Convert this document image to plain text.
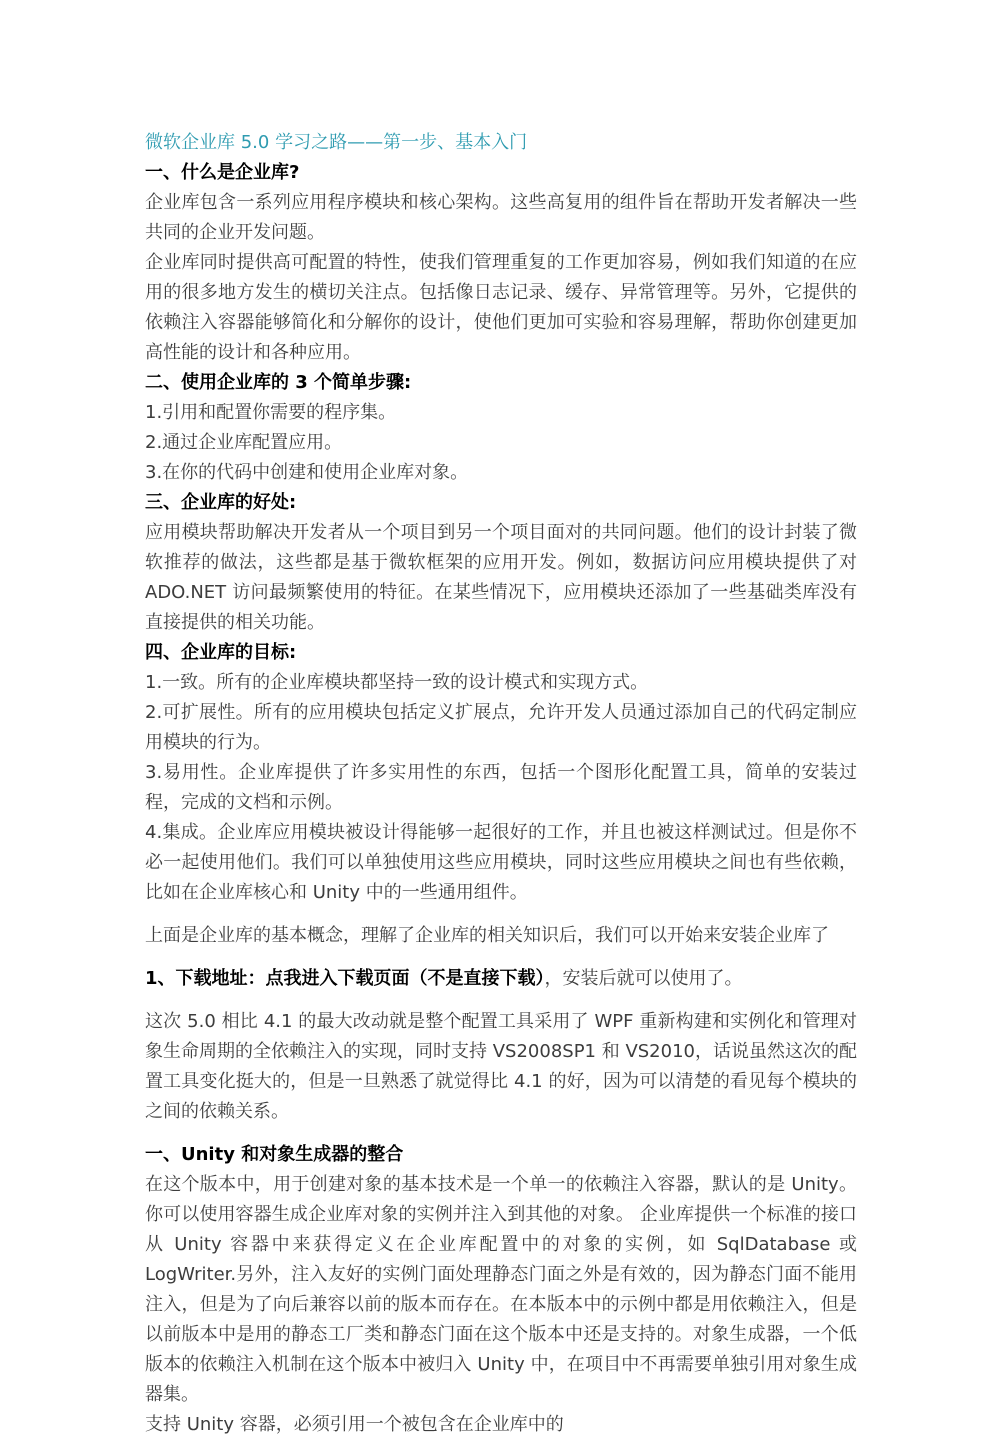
微软企业库 5.0 学习之路——第一步、基本入门
一、什么是企业库?
企业库包含一系列应用程序模块和核心架构。这些高复用的组件旨在帮助开发者解决一些共同的企业开发问题。
企业库同时提供高可配置的特性，使我们管理重复的工作更加容易，例如我们知道的在应用的很多地方发生的横切关注点。包括像日志记录、缓存、异常管理等。另外，它提供的依赖注入容器能够简化和分解你的设计，使他们更加可实验和容易理解，帮助你创建更加高性能的设计和各种应用。
二、使用企业库的 3 个简单步骤:
1.引用和配置你需要的程序集。
2.通过企业库配置应用。
3.在你的代码中创建和使用企业库对象。
三、企业库的好处:
应用模块帮助解决开发者从一个项目到另一个项目面对的共同问题。他们的设计封装了微软推荐的做法，这些都是基于微软框架的应用开发。例如，数据访问应用模块提供了对 ADO.NET 访问最频繁使用的特征。在某些情况下，应用模块还添加了一些基础类库没有直接提供的相关功能。
四、企业库的目标:
1.一致。所有的企业库模块都坚持一致的设计模式和实现方式。
2.可扩展性。所有的应用模块包括定义扩展点，允许开发人员通过添加自己的代码定制应用模块的行为。
3.易用性。企业库提供了许多实用性的东西，包括一个图形化配置工具，简单的安装过程，完成的文档和示例。
4.集成。企业库应用模块被设计得能够一起很好的工作，并且也被这样测试过。但是你不必一起使用他们。我们可以单独使用这些应用模块，同时这些应用模块之间也有些依赖，比如在企业库核心和 Unity 中的一些通用组件。
上面是企业库的基本概念，理解了企业库的相关知识后，我们可以开始来安装企业库了
1、下载地址：点我进入下载页面（不是直接下载），安装后就可以使用了。
这次 5.0 相比 4.1 的最大改动就是整个配置工具采用了 WPF 重新构建和实例化和管理对象生命周期的全依赖注入的实现，同时支持 VS2008SP1 和 VS2010，话说虽然这次的配置工具变化挺大的，但是一旦熟悉了就觉得比 4.1 的好，因为可以清楚的看见每个模块的之间的依赖关系。
一、Unity 和对象生成器的整合
在这个版本中，用于创建对象的基本技术是一个单一的依赖注入容器，默认的是 Unity。你可以使用容器生成企业库对象的实例并注入到其他的对象。 企业库提供一个标准的接口从 Unity 容器中来获得定义在企业库配置中的对象的实例，如 SqlDatabase 或 LogWriter.另外，注入友好的实例门面处理静态门面之外是有效的，因为静态门面不能用注入，但是为了向后兼容以前的版本而存在。在本版本中的示例中都是用依赖注入，但是以前版本中是用的静态工厂类和静态门面在这个版本中还是支持的。对象生成器，一个低版本的依赖注入机制在这个版本中被归入 Unity 中，在项目中不再需要单独引用对象生成器集。
支持 Unity 容器，必须引用一个被包含在企业库中的
